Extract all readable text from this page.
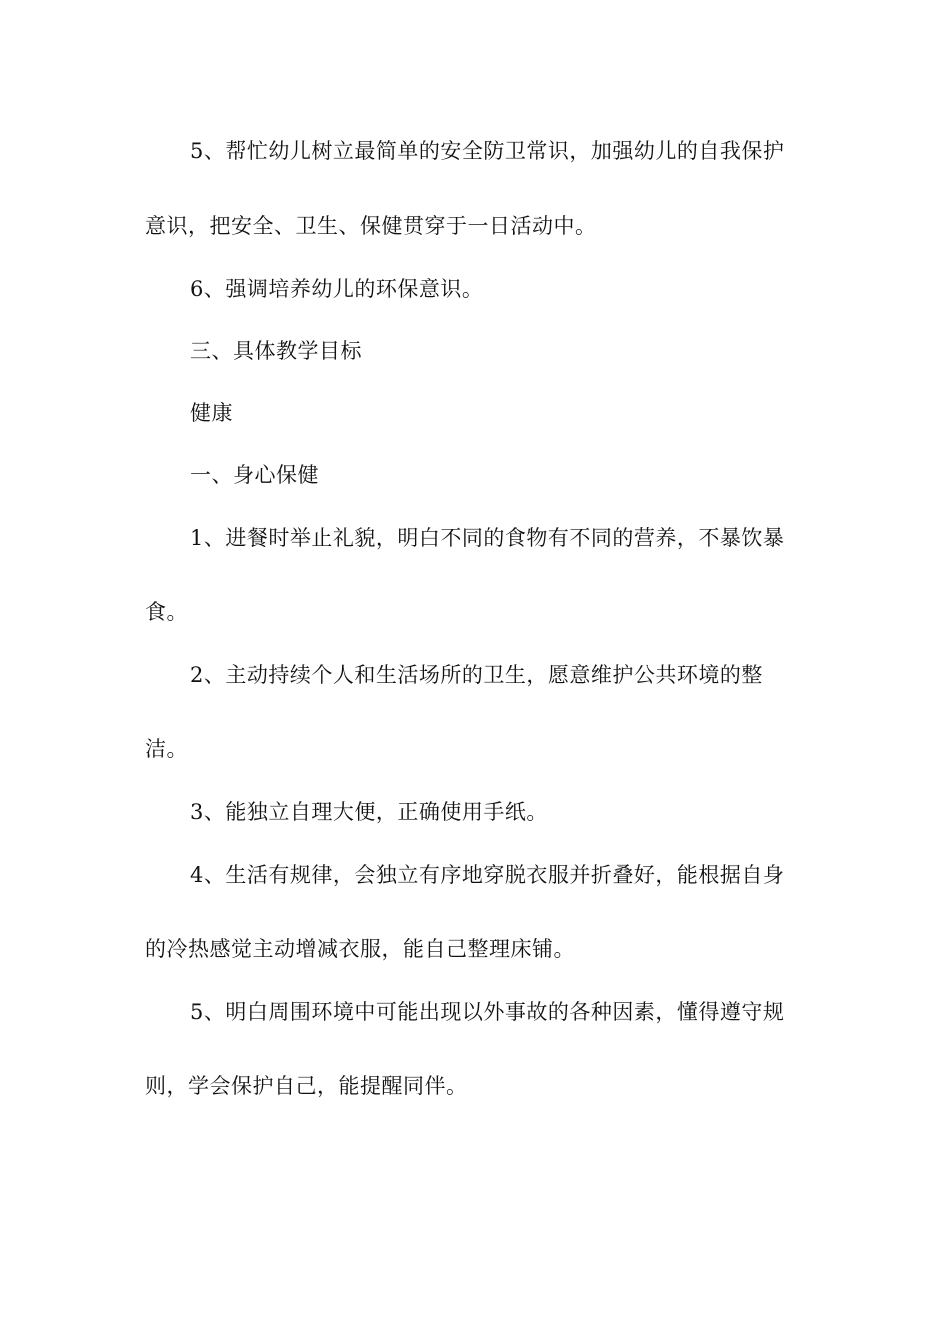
5、帮忙幼儿树立最简单的安全防卫常识，加强幼儿的自我保护
意识，把安全、卫生、保健贯穿于一日活动中。
6、强调培养幼儿的环保意识。
三、具体教学目标
健康
一、身心保健
1、进餐时举止礼貌，明白不同的食物有不同的营养，不暴饮暴
食。
2、主动持续个人和生活场所的卫生，愿意维护公共环境的整
洁。
3、能独立自理大便，正确使用手纸。
4、生活有规律，会独立有序地穿脱衣服并折叠好，能根据自身
的冷热感觉主动增减衣服，能自己整理床铺。
5、明白周围环境中可能出现以外事故的各种因素，懂得遵守规
则，学会保护自己，能提醒同伴。
